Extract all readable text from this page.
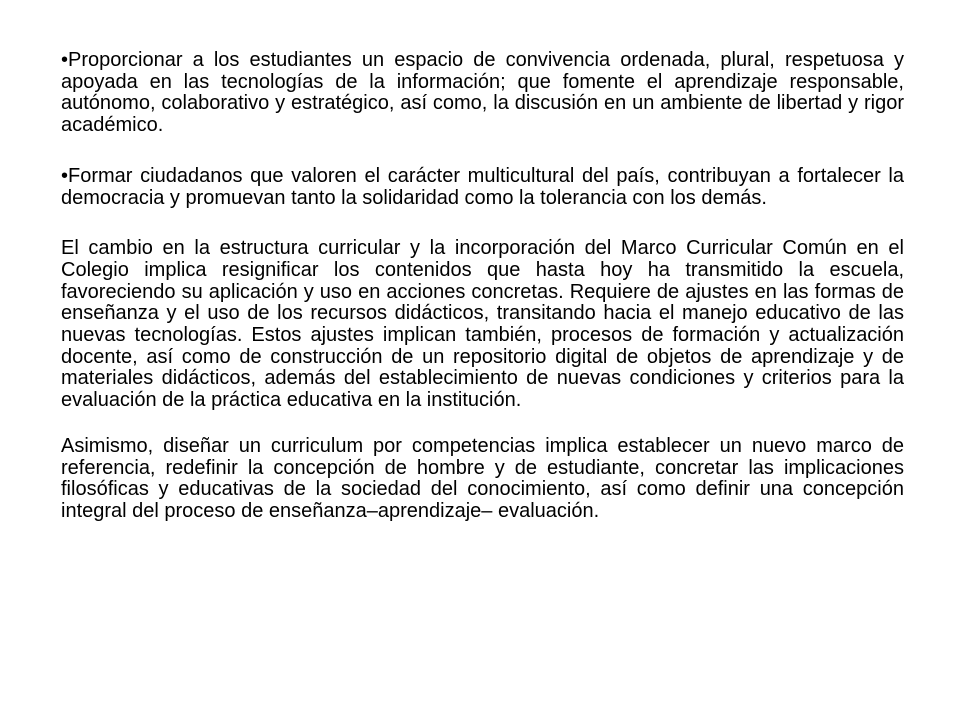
•Proporcionar a los estudiantes un espacio de convivencia ordenada, plural, respetuosa y apoyada en las tecnologías de la información; que fomente el aprendizaje responsable, autónomo, colaborativo y estratégico, así como, la discusión en un ambiente de libertad y rigor académico.

•Formar ciudadanos que valoren el carácter multicultural del país, contribuyan a fortalecer la democracia y promuevan tanto la solidaridad como la tolerancia con los demás.

El cambio en la estructura curricular y la incorporación del Marco Curricular Común en el Colegio implica resignificar los contenidos que hasta hoy ha transmitido la escuela, favoreciendo su aplicación y uso en acciones concretas. Requiere de ajustes en las formas de enseñanza y el uso de los recursos didácticos, transitando hacia el manejo educativo de las nuevas tecnologías. Estos ajustes implican también, procesos de formación y actualización docente, así como de construcción de un repositorio digital de objetos de aprendizaje y de materiales didácticos, además del establecimiento de nuevas condiciones y criterios para la evaluación de la práctica educativa en la institución.

Asimismo, diseñar un curriculum por competencias implica establecer un nuevo marco de referencia, redefinir la concepción de hombre y de estudiante, concretar las implicaciones filosóficas y educativas de la sociedad del conocimiento, así como definir una concepción integral del proceso de enseñanza–aprendizaje– evaluación.
